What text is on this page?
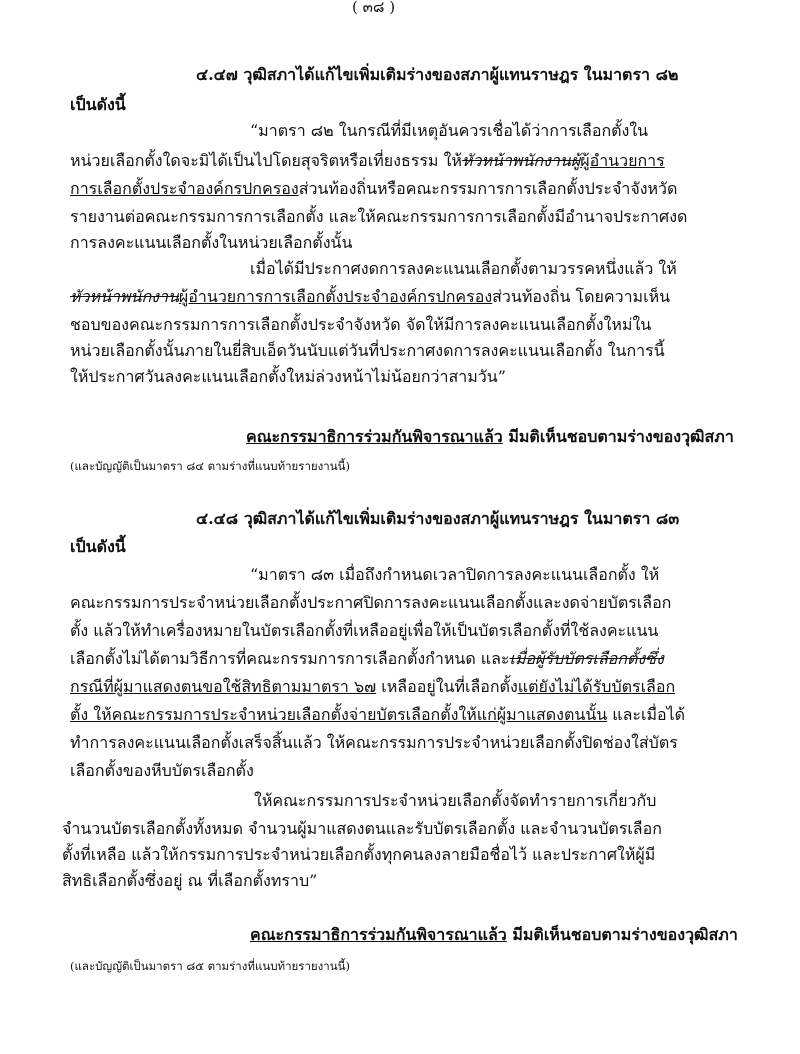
( ๓๘ )
๔.๔๗ วุฒิสภาได้แก้ไขเพิ่มเติมร่างของสภาผู้แทนราษฎร ในมาตรา ๘๒
เป็นดังนี้
“มาตรา ๘๒ ในกรณีที่มีเหตุอันควรเชื่อได้ว่าการเลือกตั้งใน
หน่วยเลือกตั้งใดจะมิได้เป็นไปโดยสุจริตหรือเที่ยงธรรม ให้หัวหน้าพนักงานผู้ผู้อำนวยการ
การเลือกตั้งประจำองค์กรปกครองส่วนท้องถิ่นหรือคณะกรรมการการเลือกตั้งประจำจังหวัด
รายงานต่อคณะกรรมการการเลือกตั้ง และให้คณะกรรมการการเลือกตั้งมีอำนาจประกาศงด
การลงคะแนนเลือกตั้งในหน่วยเลือกตั้งนั้น
เมื่อได้มีประกาศงดการลงคะแนนเลือกตั้งตามวรรคหนึ่งแล้ว ให้
หัวหน้าพนักงานผู้อำนวยการการเลือกตั้งประจำองค์กรปกครองส่วนท้องถิ่น โดยความเห็น
ชอบของคณะกรรมการการเลือกตั้งประจำจังหวัด จัดให้มีการลงคะแนนเลือกตั้งใหม่ใน
หน่วยเลือกตั้งนั้นภายในยี่สิบเอ็ดวันนับแต่วันที่ประกาศงดการลงคะแนนเลือกตั้ง ในการนี้
ให้ประกาศวันลงคะแนนเลือกตั้งใหม่ล่วงหน้าไม่น้อยกว่าสามวัน”
คณะกรรมาธิการร่วมกันพิจารณาแล้ว มีมติเห็นชอบตามร่างของวุฒิสภา
(และบัญญัติเป็นมาตรา ๘๔ ตามร่างที่แนบท้ายรายงานนี้)
๔.๔๘ วุฒิสภาได้แก้ไขเพิ่มเติมร่างของสภาผู้แทนราษฎร ในมาตรา ๘๓
เป็นดังนี้
“มาตรา ๘๓ เมื่อถึงกำหนดเวลาปิดการลงคะแนนเลือกตั้ง ให้
คณะกรรมการประจำหน่วยเลือกตั้งประกาศปิดการลงคะแนนเลือกตั้งและงดจ่ายบัตรเลือก
ตั้ง แล้วให้ทำเครื่องหมายในบัตรเลือกตั้งที่เหลืออยู่เพื่อให้เป็นบัตรเลือกตั้งที่ใช้ลงคะแนน
เลือกตั้งไม่ได้ตามวิธีการที่คณะกรรมการการเลือกตั้งกำหนด และเมื่อผู้รับบัตรเลือกตั้งซึ่ง
กรณีที่ผู้มาแสดงตนขอใช้สิทธิตามมาตรา ๖๗ เหลืออยู่ในที่เลือกตั้งแต่ยังไม่ได้รับบัตรเลือก
ตั้ง ให้คณะกรรมการประจำหน่วยเลือกตั้งจ่ายบัตรเลือกตั้งให้แก่ผู้มาแสดงตนนั้น และเมื่อได้
ทำการลงคะแนนเลือกตั้งเสร็จสิ้นแล้ว ให้คณะกรรมการประจำหน่วยเลือกตั้งปิดช่องใส่บัตร
เลือกตั้งของหีบบัตรเลือกตั้ง
ให้คณะกรรมการประจำหน่วยเลือกตั้งจัดทำรายการเกี่ยวกับ
จำนวนบัตรเลือกตั้งทั้งหมด จำนวนผู้มาแสดงตนและรับบัตรเลือกตั้ง และจำนวนบัตรเลือก
ตั้งที่เหลือ แล้วให้กรรมการประจำหน่วยเลือกตั้งทุกคนลงลายมือชื่อไว้ และประกาศให้ผู้มี
สิทธิเลือกตั้งซึ่งอยู่ ณ ที่เลือกตั้งทราบ”
คณะกรรมาธิการร่วมกันพิจารณาแล้ว มีมติเห็นชอบตามร่างของวุฒิสภา
(และบัญญัติเป็นมาตรา ๘๕ ตามร่างที่แนบท้ายรายงานนี้)
